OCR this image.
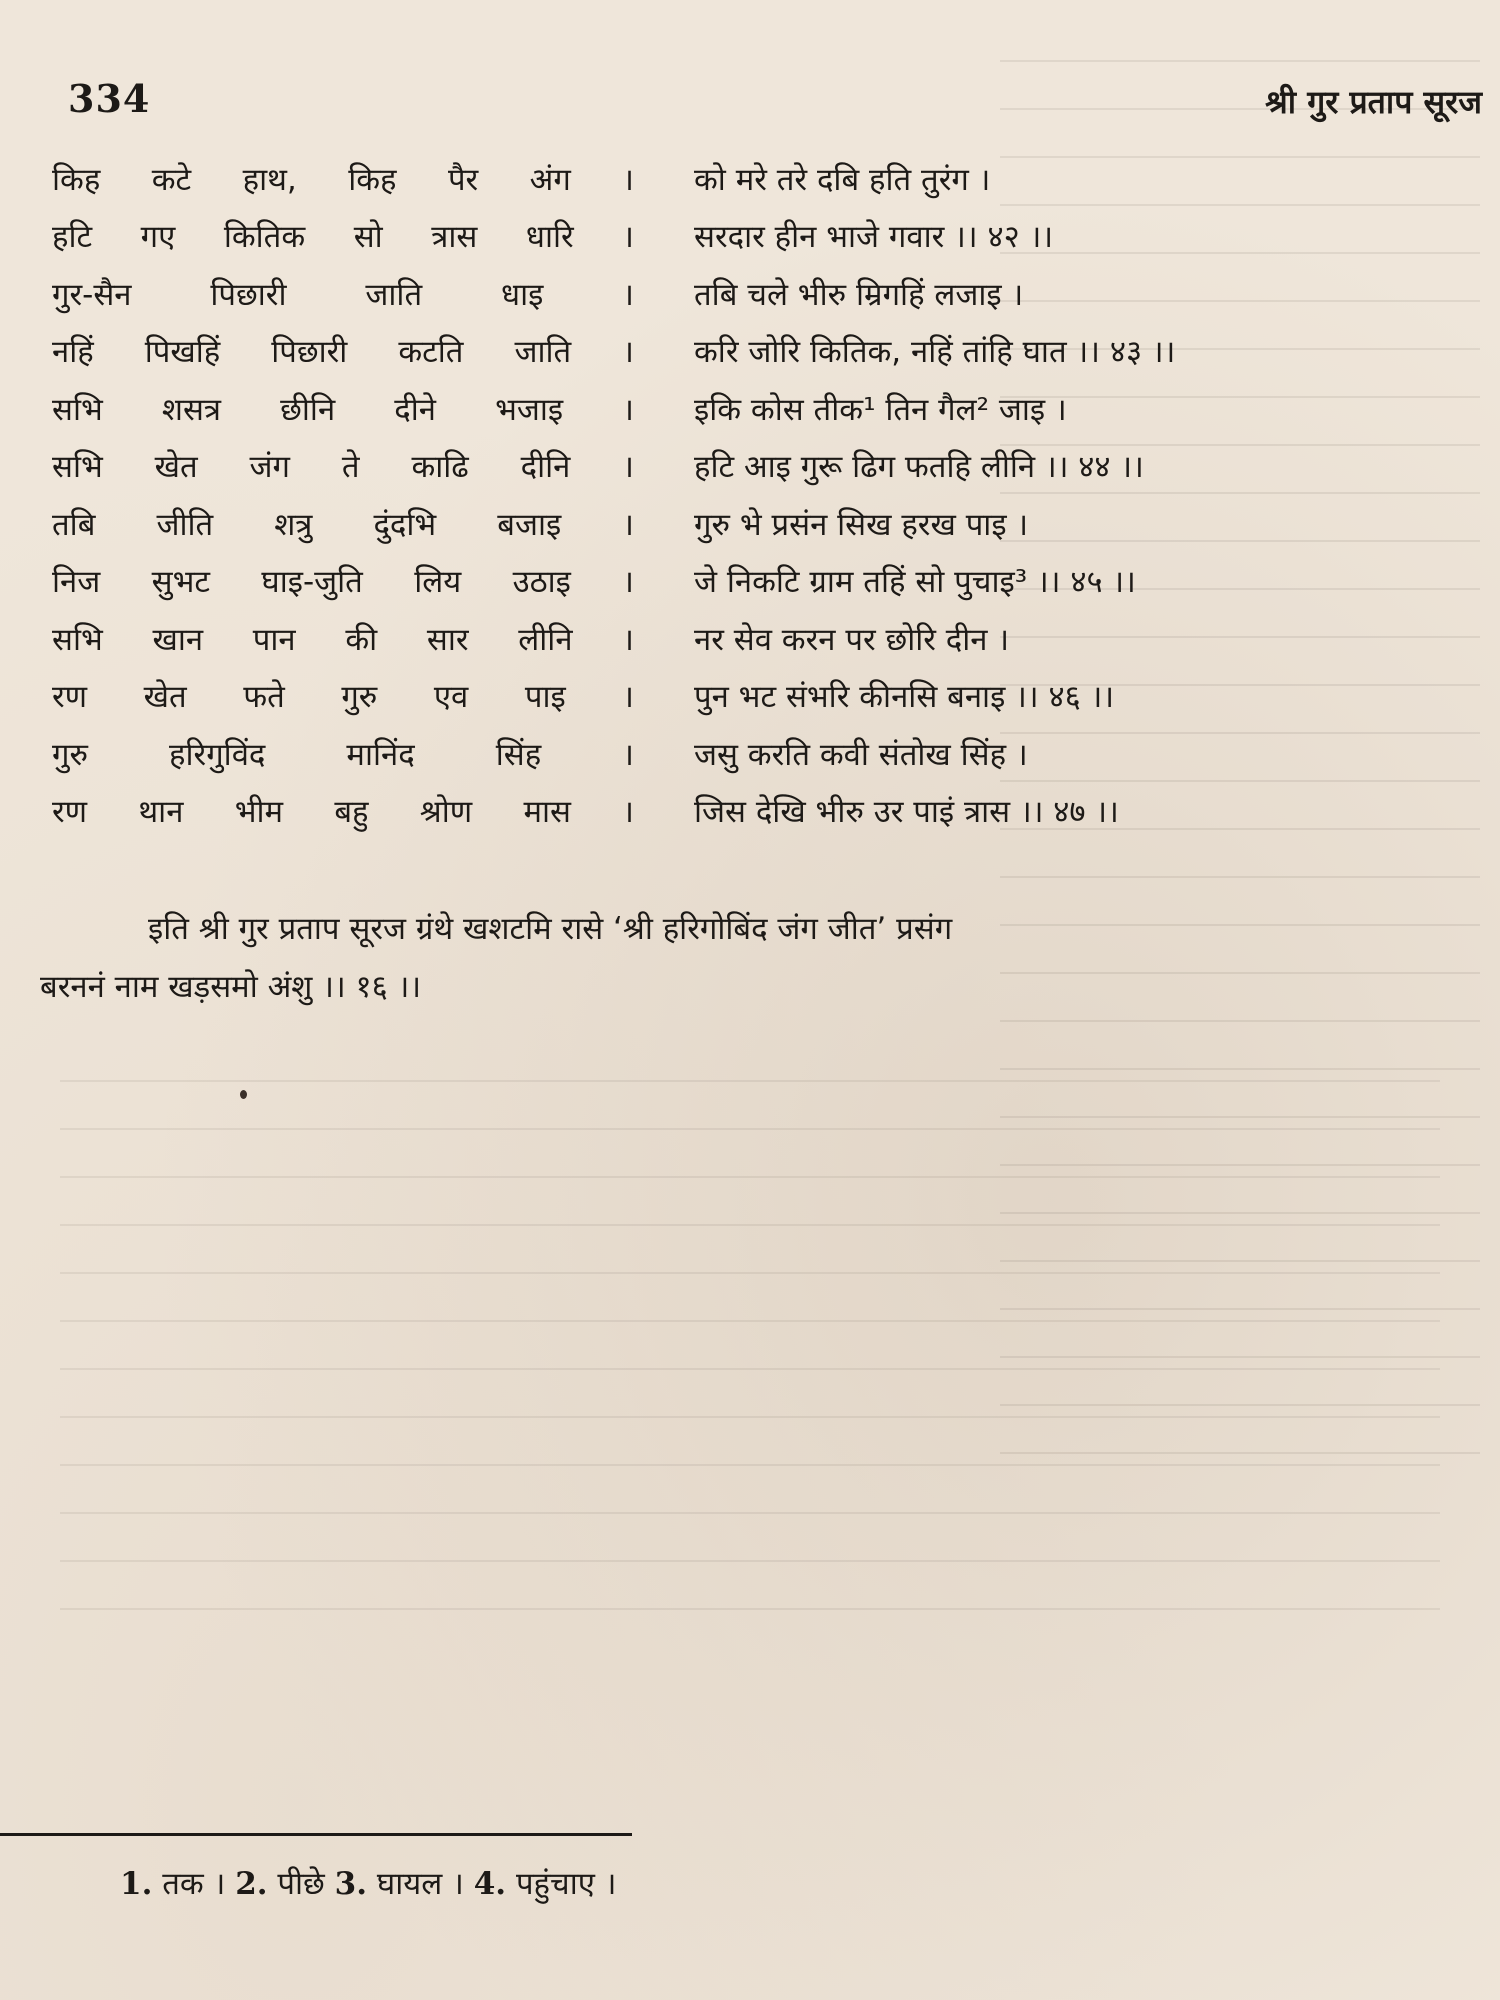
334	श्री गुर प्रताप सूरज
किह कटे हाथ, किह पैर अंग ।	को मरे तरे दबि हति तुरंग ।
हटि गए कितिक सो त्रास धारि ।	सरदार हीन भाजे गवार ।। ४२ ।।
गुर-सैन पिछारी जाति धाइ ।	तबि चले भीरु म्रिगहिं लजाइ ।
नहिं पिखहिं पिछारी कटति जाति ।	करि जोरि कितिक, नहिं तांहि घात ।। ४३ ।।
सभि शसत्र छीनि दीने भजाइ ।	इकि कोस तीक¹ तिन गैल² जाइ ।
सभि खेत जंग ते काढि दीनि ।	हटि आइ गुरू ढिग फतहि लीनि ।। ४४ ।।
तबि जीति शत्रु दुंदभि बजाइ ।	गुरु भे प्रसंन सिख हरख पाइ ।
निज सुभट घाइ-जुति लिय उठाइ ।	जे निकटि ग्राम तहिं सो पुचाइ³ ।। ४५ ।।
सभि खान पान की सार लीनि ।	नर सेव करन पर छोरि दीन ।
रण खेत फते गुरु एव पाइ ।	पुन भट संभरि कीनसि बनाइ ।। ४६ ।।
गुरु हरिगुविंद मानिंद सिंह ।	जसु करति कवी संतोख सिंह ।
रण थान भीम बहु श्रोण मास ।	जिस देखि भीरु उर पाइं त्रास ।। ४७ ।।
इति श्री गुर प्रताप सूरज ग्रंथे खशटमि रासे ‘श्री हरिगोबिंद जंग जीत’ प्रसंग
बरननं नाम खड़समो अंशु ।। १६ ।।
1. तक । 2. पीछे 3. घायल । 4. पहुंचाए ।
